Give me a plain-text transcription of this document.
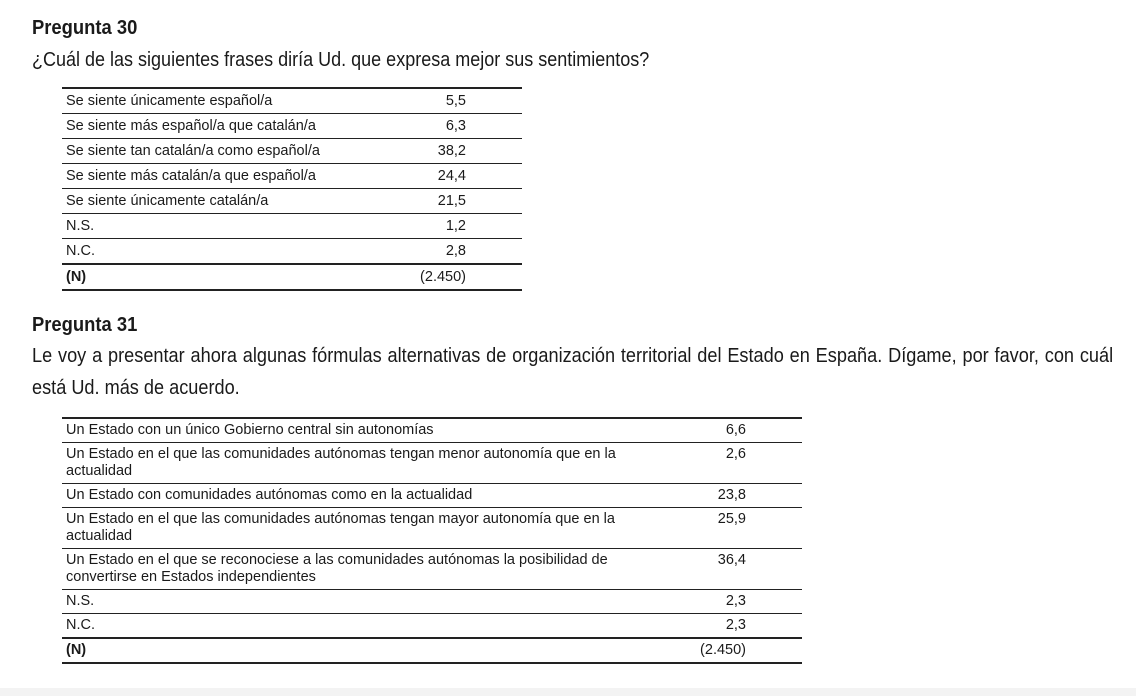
Pregunta 30
¿Cuál de las siguientes frases diría Ud. que expresa mejor sus sentimientos?
Se siente únicamente español/a	5,5
Se siente más español/a que catalán/a	6,3
Se siente tan catalán/a como español/a	38,2
Se siente más catalán/a que español/a	24,4
Se siente únicamente catalán/a	21,5
N.S.	1,2
N.C.	2,8
(N)	(2.450)
Pregunta 31
Le voy a presentar ahora algunas fórmulas alternativas de organización territorial del Estado en España. Dígame, por favor, con cuál está Ud. más de acuerdo.
Un Estado con un único Gobierno central sin autonomías	6,6
Un Estado en el que las comunidades autónomas tengan menor autonomía que en la actualidad	2,6
Un Estado con comunidades autónomas como en la actualidad	23,8
Un Estado en el que las comunidades autónomas tengan mayor autonomía que en la actualidad	25,9
Un Estado en el que se reconociese a las comunidades autónomas la posibilidad de convertirse en Estados independientes	36,4
N.S.	2,3
N.C.	2,3
(N)	(2.450)
